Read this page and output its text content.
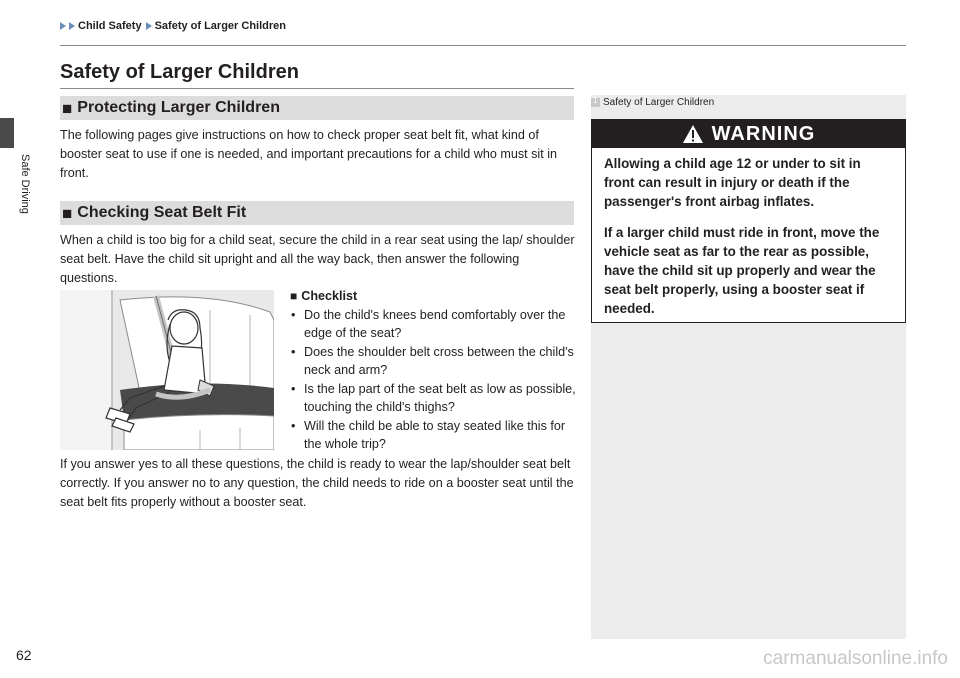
Safe Driving
Child Safety Safety of Larger Children
Safety of Larger Children
■ Protecting Larger Children
The following pages give instructions on how to check proper seat belt fit, what kind of booster seat to use if one is needed, and important precautions for a child who must sit in front.
■ Checking Seat Belt Fit
When a child is too big for a child seat, secure the child in a rear seat using the lap/ shoulder seat belt. Have the child sit upright and all the way back, then answer the following questions.
■ Checklist
• Do the child's knees bend comfortably over the edge of the seat?
• Does the shoulder belt cross between the child's neck and arm?
• Is the lap part of the seat belt as low as possible, touching the child's thighs?
• Will the child be able to stay seated like this for the whole trip?
If you answer yes to all these questions, the child is ready to wear the lap/shoulder seat belt correctly. If you answer no to any question, the child needs to ride on a booster seat until the seat belt fits properly without a booster seat.
1
Safety of Larger Children
WARNING

Allowing a child age 12 or under to sit in front can result in injury or death if the passenger's front airbag inflates.

If a larger child must ride in front, move the vehicle seat as far to the rear as possible, have the child sit up properly and wear the seat belt properly, using a booster seat if needed.

62	carmanualsonline.info
